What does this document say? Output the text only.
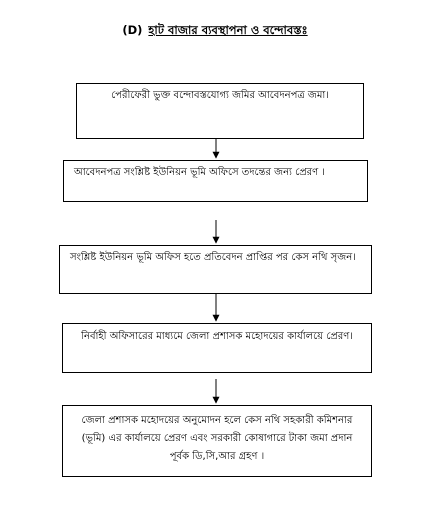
(D) হাট বাজার ব্যবস্থাপনা ও বন্দোবস্তঃ
পেরীফেরী ভুক্ত বন্দোবস্তযোগ্য জমির আবেদনপত্র জমা।
আবেদনপত্র সংশ্লিষ্ট ইউনিয়ন ভূমি অফিসে তদন্তের জন্য প্রেরণ ।
সংশ্লিষ্ট ইউনিয়ন ভূমি অফিস হতে প্রতিবেদন প্রাপ্তির পর কেস নথি সৃজন।
নির্বাহী অফিসারের মাধ্যমে জেলা প্রশাসক মহোদয়ের কার্যালয়ে প্রেরণ।
জেলা প্রশাসক মহোদয়ের অনুমোদন হলে কেস নথি সহকারী কমিশনার (ভূমি) এর কার্যালয়ে প্রেরণ এবং সরকারী কোষাগারে টাকা জমা প্রদান পূর্বক ডি,সি,আর গ্রহণ ।
